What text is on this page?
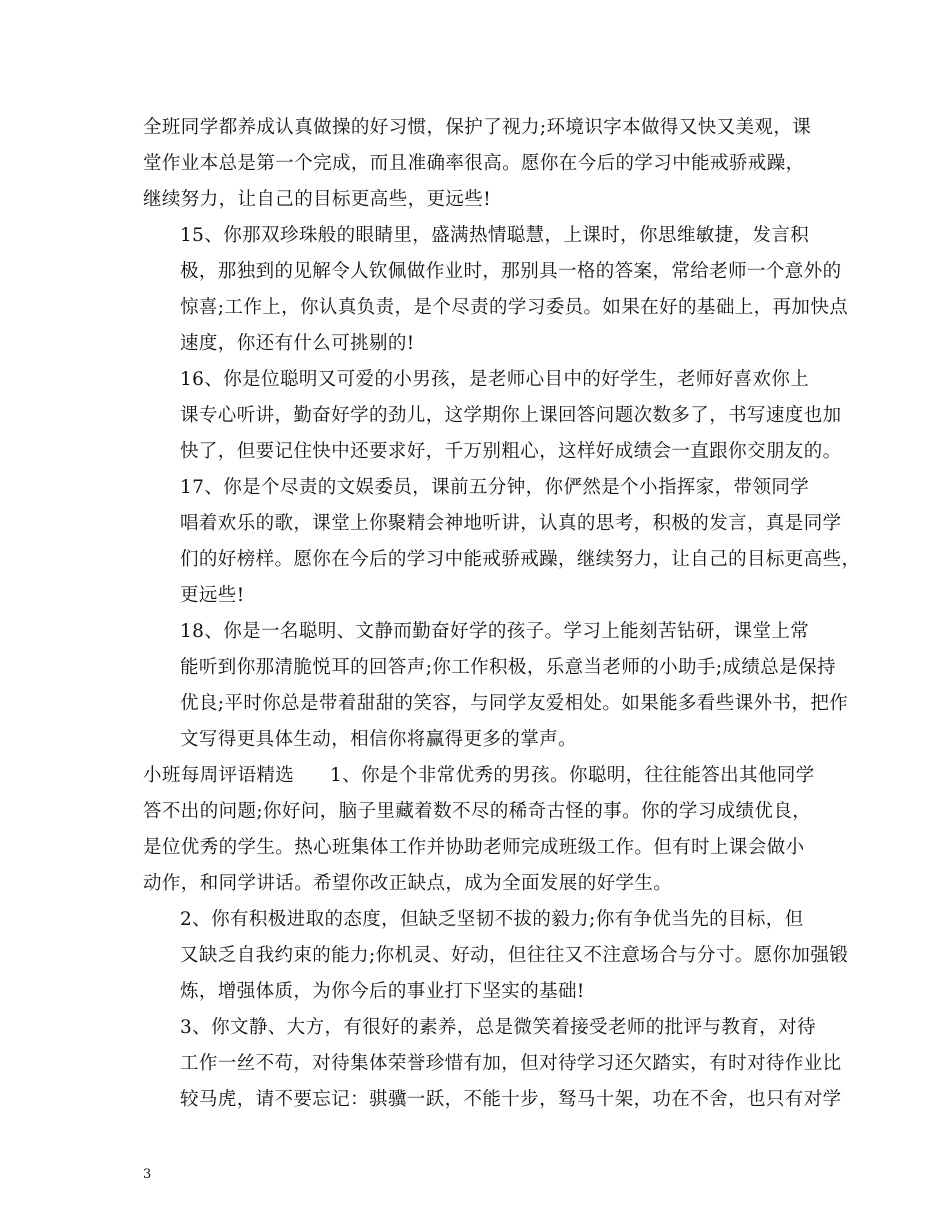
全班同学都养成认真做操的好习惯，保护了视力;环境识字本做得又快又美观，课
堂作业本总是第一个完成，而且准确率很高。愿你在今后的学习中能戒骄戒躁，
继续努力，让自己的目标更高些，更远些!

15、你那双珍珠般的眼睛里，盛满热情聪慧，上课时，你思维敏捷，发言积
极，那独到的见解令人钦佩做作业时，那别具一格的答案，常给老师一个意外的
惊喜;工作上，你认真负责，是个尽责的学习委员。如果在好的基础上，再加快点
速度，你还有什么可挑剔的!

16、你是位聪明又可爱的小男孩，是老师心目中的好学生，老师好喜欢你上
课专心听讲，勤奋好学的劲儿，这学期你上课回答问题次数多了，书写速度也加
快了，但要记住快中还要求好，千万别粗心，这样好成绩会一直跟你交朋友的。

17、你是个尽责的文娱委员，课前五分钟，你俨然是个小指挥家，带领同学
唱着欢乐的歌，课堂上你聚精会神地听讲，认真的思考，积极的发言，真是同学
们的好榜样。愿你在今后的学习中能戒骄戒躁，继续努力，让自己的目标更高些，
更远些!

18、你是一名聪明、文静而勤奋好学的孩子。学习上能刻苦钻研，课堂上常
能听到你那清脆悦耳的回答声;你工作积极，乐意当老师的小助手;成绩总是保持
优良;平时你总是带着甜甜的笑容，与同学友爱相处。如果能多看些课外书，把作
文写得更具体生动，相信你将赢得更多的掌声。

小班每周评语精选 1、你是个非常优秀的男孩。你聪明，往往能答出其他同学

答不出的问题;你好问，脑子里藏着数不尽的稀奇古怪的事。你的学习成绩优良，
是位优秀的学生。热心班集体工作并协助老师完成班级工作。但有时上课会做小
动作，和同学讲话。希望你改正缺点，成为全面发展的好学生。

2、你有积极进取的态度，但缺乏坚韧不拔的毅力;你有争优当先的目标，但
又缺乏自我约束的能力;你机灵、好动，但往往又不注意场合与分寸。愿你加强锻
炼，增强体质，为你今后的事业打下坚实的基础!

3、你文静、大方，有很好的素养，总是微笑着接受老师的批评与教育，对待
工作一丝不苟，对待集体荣誉珍惜有加，但对待学习还欠踏实，有时对待作业比
较马虎，请不要忘记：骐骥一跃，不能十步，驽马十架，功在不舍，也只有对学

3
